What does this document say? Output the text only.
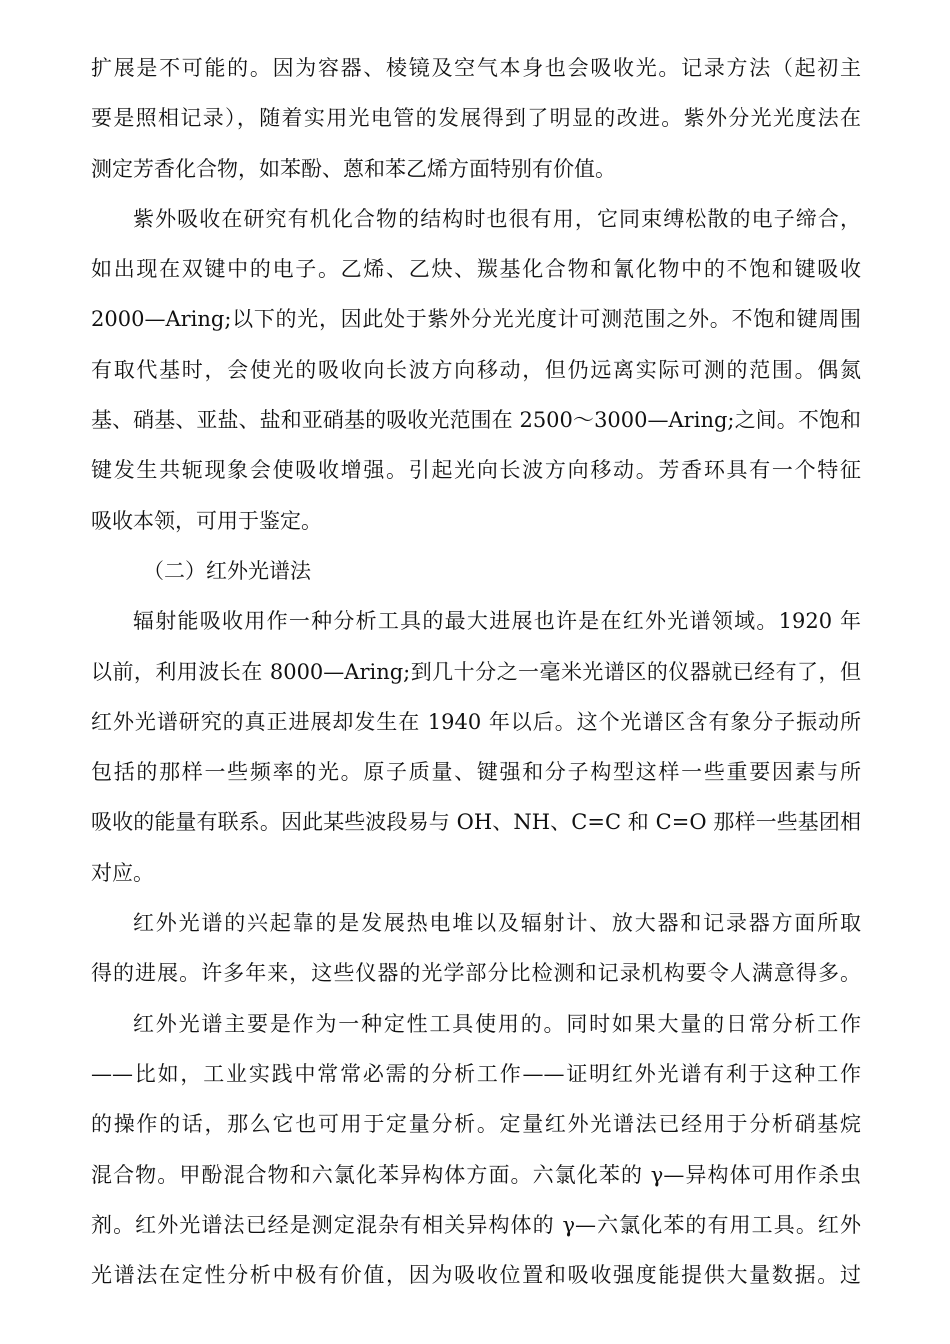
扩展是不可能的。因为容器、棱镜及空气本身也会吸收光。记录方法（起初主
要是照相记录），随着实用光电管的发展得到了明显的改进。紫外分光光度法在
测定芳香化合物，如苯酚、蒽和苯乙烯方面特别有价值。
紫外吸收在研究有机化合物的结构时也很有用，它同束缚松散的电子缔合，
如出现在双键中的电子。乙烯、乙炔、羰基化合物和氰化物中的不饱和键吸收
2000—Aring;以下的光，因此处于紫外分光光度计可测范围之外。不饱和键周围
有取代基时，会使光的吸收向长波方向移动，但仍远离实际可测的范围。偶氮
基、硝基、亚盐、盐和亚硝基的吸收光范围在 2500～3000—Aring;之间。不饱和
键发生共轭现象会使吸收增强。引起光向长波方向移动。芳香环具有一个特征
吸收本领，可用于鉴定。
（二）红外光谱法
辐射能吸收用作一种分析工具的最大进展也许是在红外光谱领域。1920 年
以前，利用波长在 8000—Aring;到几十分之一毫米光谱区的仪器就已经有了，但
红外光谱研究的真正进展却发生在 1940 年以后。这个光谱区含有象分子振动所
包括的那样一些频率的光。原子质量、键强和分子构型这样一些重要因素与所
吸收的能量有联系。因此某些波段易与 OH、NH、C=C 和 C=O 那样一些基团相
对应。
红外光谱的兴起靠的是发展热电堆以及辐射计、放大器和记录器方面所取
得的进展。许多年来，这些仪器的光学部分比检测和记录机构要令人满意得多。
红外光谱主要是作为一种定性工具使用的。同时如果大量的日常分析工作
——比如，工业实践中常常必需的分析工作——证明红外光谱有利于这种工作
的操作的话，那么它也可用于定量分析。定量红外光谱法已经用于分析硝基烷
混合物。甲酚混合物和六氯化苯异构体方面。六氯化苯的 γ—异构体可用作杀虫
剂。红外光谱法已经是测定混杂有相关异构体的 γ—六氯化苯的有用工具。红外
光谱法在定性分析中极有价值，因为吸收位置和吸收强度能提供大量数据。过
